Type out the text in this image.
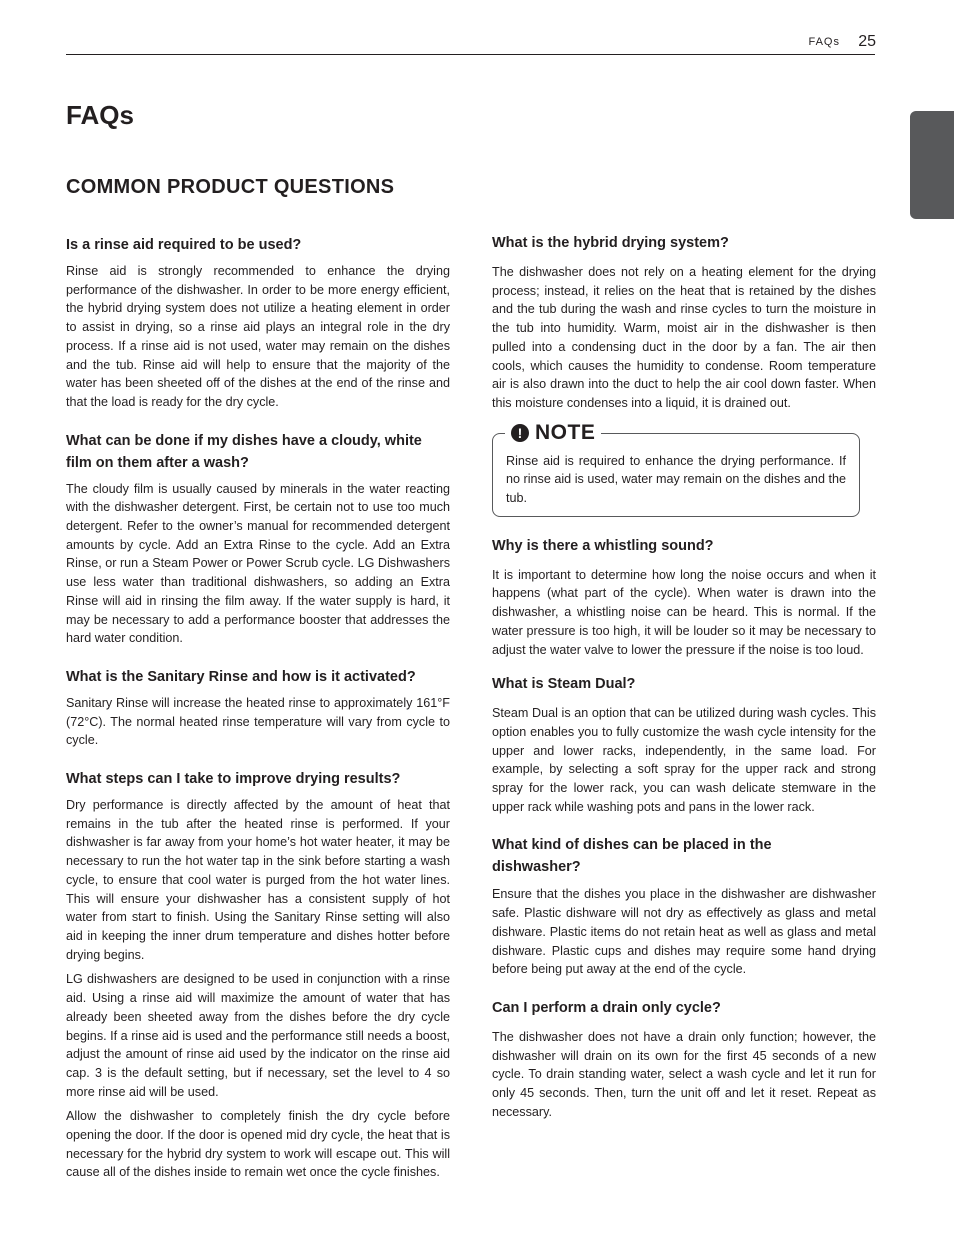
FAQs	25
ENGLISH
FAQs
COMMON PRODUCT QUESTIONS

Is a rinse aid required to be used?

Rinse aid is strongly recommended to enhance the drying performance of the dishwasher. In order to be more energy efficient, the hybrid drying system does not utilize a heating element in order to assist in drying, so a rinse aid plays an integral role in the dry process. If a rinse aid is not used, water may remain on the dishes and the tub. Rinse aid will help to ensure that the majority of the water has been sheeted off of the dishes at the end of the rinse and that the load is ready for the dry cycle.

What can be done if my dishes have a cloudy, white film on them after a wash?

The cloudy film is usually caused by minerals in the water reacting with the dishwasher detergent. First, be certain not to use too much detergent. Refer to the owner’s manual for recommended detergent amounts by cycle. Add an Extra Rinse to the cycle. Add an Extra Rinse, or run a Steam Power or Power Scrub cycle. LG Dishwashers use less water than traditional dishwashers, so adding an Extra Rinse will aid in rinsing the film away. If the water supply is hard, it may be necessary to add a performance booster that addresses the hard water condition.

What is the Sanitary Rinse and how is it activated?

Sanitary Rinse will increase the heated rinse to approximately 161°F (72°C). The normal heated rinse temperature will vary from cycle to cycle.

What steps can I take to improve drying results?

Dry performance is directly affected by the amount of heat that remains in the tub after the heated rinse is performed. If your dishwasher is far away from your home’s hot water heater, it may be necessary to run the hot water tap in the sink before starting a wash cycle, to ensure that cool water is purged from the hot water lines. This will ensure your dishwasher has a consistent supply of hot water from start to finish. Using the Sanitary Rinse setting will also aid in keeping the inner drum temperature and dishes hotter before drying begins.

LG dishwashers are designed to be used in conjunction with a rinse aid. Using a rinse aid will maximize the amount of water that has already been sheeted away from the dishes before the dry cycle begins. If a rinse aid is used and the performance still needs a boost, adjust the amount of rinse aid used by the indicator on the rinse aid cap. 3 is the default setting, but if necessary, set the level to 4 so more rinse aid will be used.

Allow the dishwasher to completely finish the dry cycle before opening the door. If the door is opened mid dry cycle, the heat that is necessary for the hybrid dry system to work will escape out. This will cause all of the dishes inside to remain wet once the cycle finishes.

What is the hybrid drying system?

The dishwasher does not rely on a heating element for the drying process; instead, it relies on the heat that is retained by the dishes and the tub during the wash and rinse cycles to turn the moisture in the tub into humidity. Warm, moist air in the dishwasher is then pulled into a condensing duct in the door by a fan. The air then cools, which causes the humidity to condense. Room temperature air is also drawn into the duct to help the air cool down faster. When this moisture condenses into a liquid, it is drained out.

! NOTE

Rinse aid is required to enhance the drying performance. If no rinse aid is used, water may remain on the dishes and the tub.

Why is there a whistling sound?

It is important to determine how long the noise occurs and when it happens (what part of the cycle). When water is drawn into the dishwasher, a whistling noise can be heard. This is normal. If the water pressure is too high, it will be louder so it may be necessary to adjust the water valve to lower the pressure if the noise is too loud.

What is Steam Dual?

Steam Dual is an option that can be utilized during wash cycles. This option enables you to fully customize the wash cycle intensity for the upper and lower racks, independently, in the same load. For example, by selecting a soft spray for the upper rack and strong spray for the lower rack, you can wash delicate stemware in the upper rack while washing pots and pans in the lower rack.

What kind of dishes can be placed in the dishwasher?

Ensure that the dishes you place in the dishwasher are dishwasher safe. Plastic dishware will not dry as effectively as glass and metal dishware. Plastic items do not retain heat as well as glass and metal dishware. Plastic cups and dishes may require some hand drying before being put away at the end of the cycle.

Can I perform a drain only cycle?

The dishwasher does not have a drain only function; however, the dishwasher will drain on its own for the first 45 seconds of a new cycle. To drain standing water, select a wash cycle and let it run for only 45 seconds. Then, turn the unit off and let it reset. Repeat as necessary.
